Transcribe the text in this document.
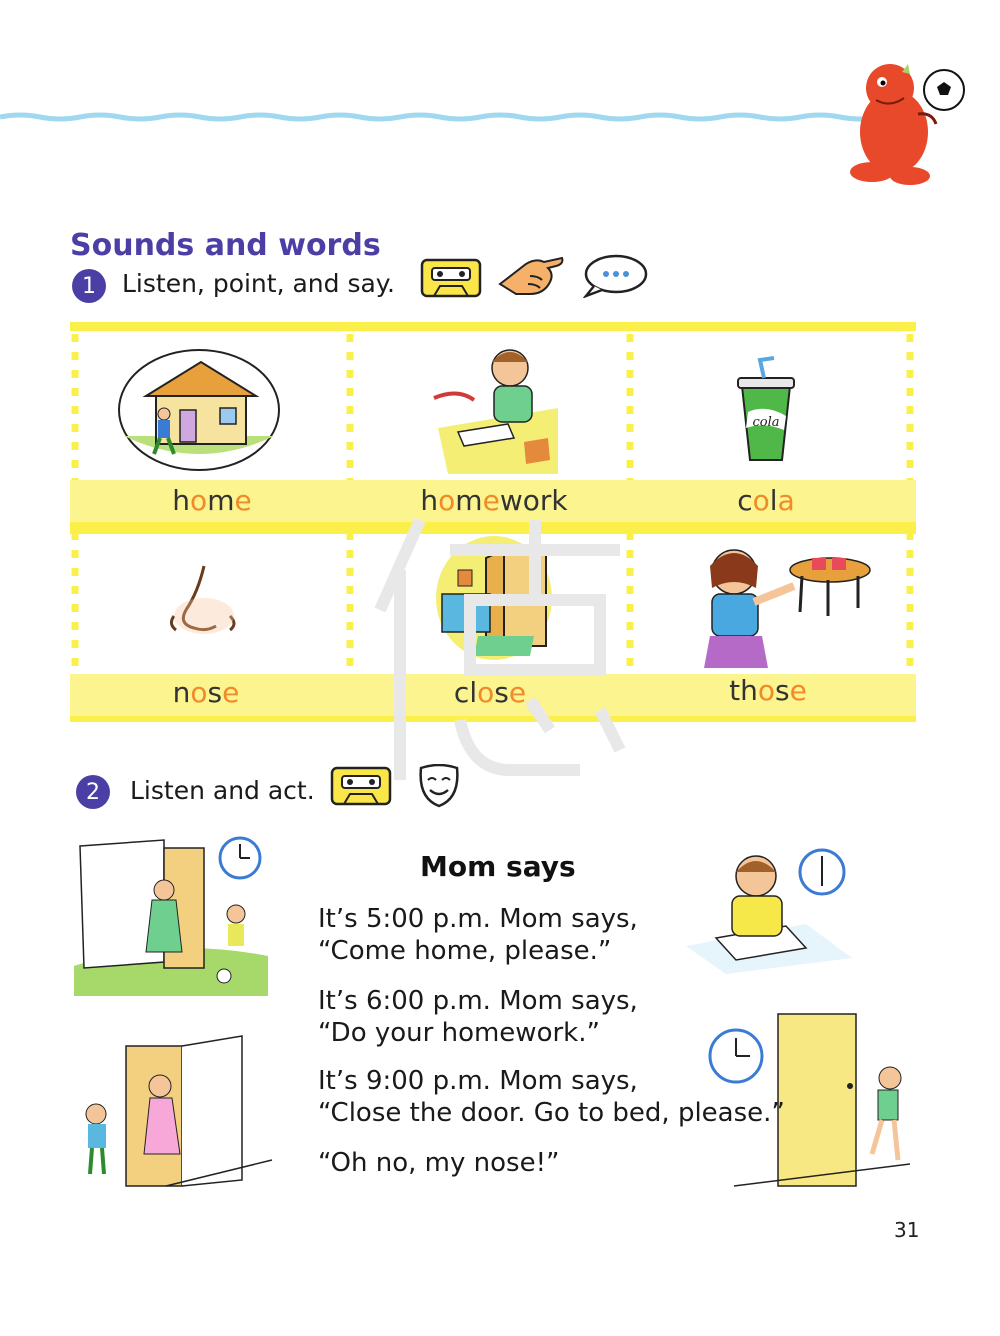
Sounds and words
1	Listen, point, and say.
cola
home	homework	cola
nose	close	those
2	Listen and act.
Mom says
It’s 5:00 p.m. Mom says,
“Come home, please.”
It’s 6:00 p.m. Mom says,
“Do your homework.”
It’s 9:00 p.m. Mom says,
“Close the door. Go to bed, please.”
“Oh no, my nose!”
31
